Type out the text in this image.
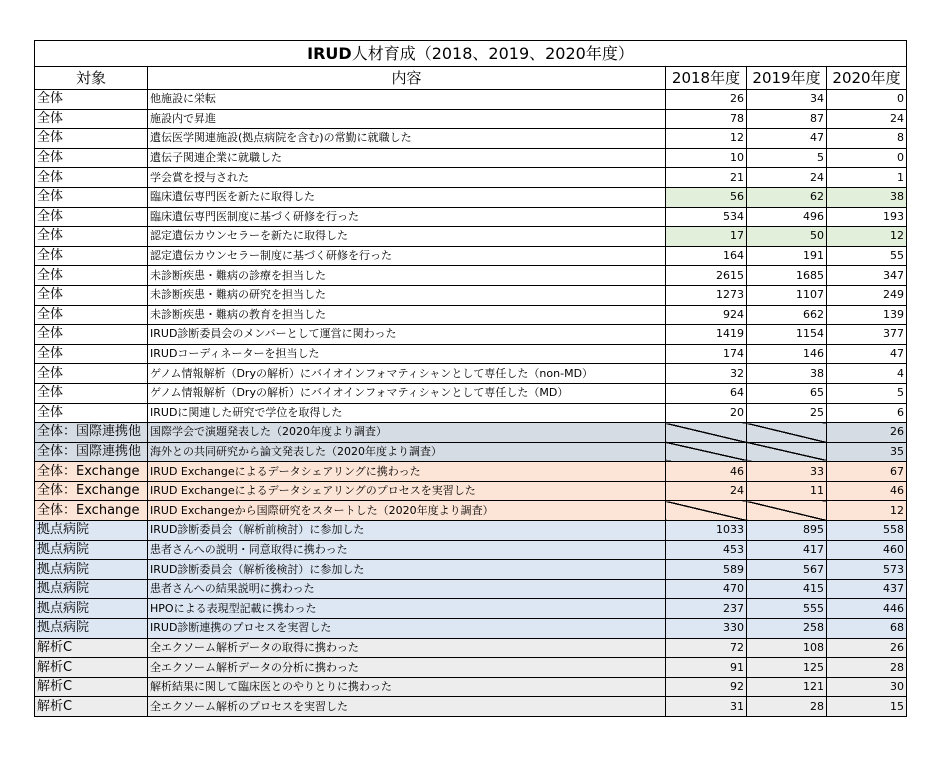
IRUD人材育成（2018、2019、2020年度）				
対象	内容	2018年度	2019年度	2020年度
全体	他施設に栄転	26	34	0
全体	施設内で昇進	78	87	24
全体	遺伝医学関連施設(拠点病院を含む)の常勤に就職した	12	47	8
全体	遺伝子関連企業に就職した	10	5	0
全体	学会賞を授与された	21	24	1
全体	臨床遺伝専門医を新たに取得した	56	62	38
全体	臨床遺伝専門医制度に基づく研修を行った	534	496	193
全体	認定遺伝カウンセラーを新たに取得した	17	50	12
全体	認定遺伝カウンセラー制度に基づく研修を行った	164	191	55
全体	未診断疾患・難病の診療を担当した	2615	1685	347
全体	未診断疾患・難病の研究を担当した	1273	1107	249
全体	未診断疾患・難病の教育を担当した	924	662	139
全体	IRUD診断委員会のメンバーとして運営に関わった	1419	1154	377
全体	IRUDコーディネーターを担当した	174	146	47
全体	ゲノム情報解析（Dryの解析）にバイオインフォマティシャンとして専任した（non-MD）	32	38	4
全体	ゲノム情報解析（Dryの解析）にバイオインフォマティシャンとして専任した（MD）	64	65	5
全体	IRUDに関連した研究で学位を取得した	20	25	6
全体：国際連携他	国際学会で演題発表した（2020年度より調査）			26
全体：国際連携他	海外との共同研究から論文発表した（2020年度より調査）			35
全体：Exchange	IRUD Exchangeによるデータシェアリングに携わった	46	33	67
全体：Exchange	IRUD Exchangeによるデータシェアリングのプロセスを実習した	24	11	46
全体：Exchange	IRUD Exchangeから国際研究をスタートした（2020年度より調査）			12
拠点病院	IRUD診断委員会（解析前検討）に参加した	1033	895	558
拠点病院	患者さんへの説明・同意取得に携わった	453	417	460
拠点病院	IRUD診断委員会（解析後検討）に参加した	589	567	573
拠点病院	患者さんへの結果説明に携わった	470	415	437
拠点病院	HPOによる表現型記載に携わった	237	555	446
拠点病院	IRUD診断連携のプロセスを実習した	330	258	68
解析C	全エクソーム解析データの取得に携わった	72	108	26
解析C	全エクソーム解析データの分析に携わった	91	125	28
解析C	解析結果に関して臨床医とのやりとりに携わった	92	121	30
解析C	全エクソーム解析のプロセスを実習した	31	28	15
